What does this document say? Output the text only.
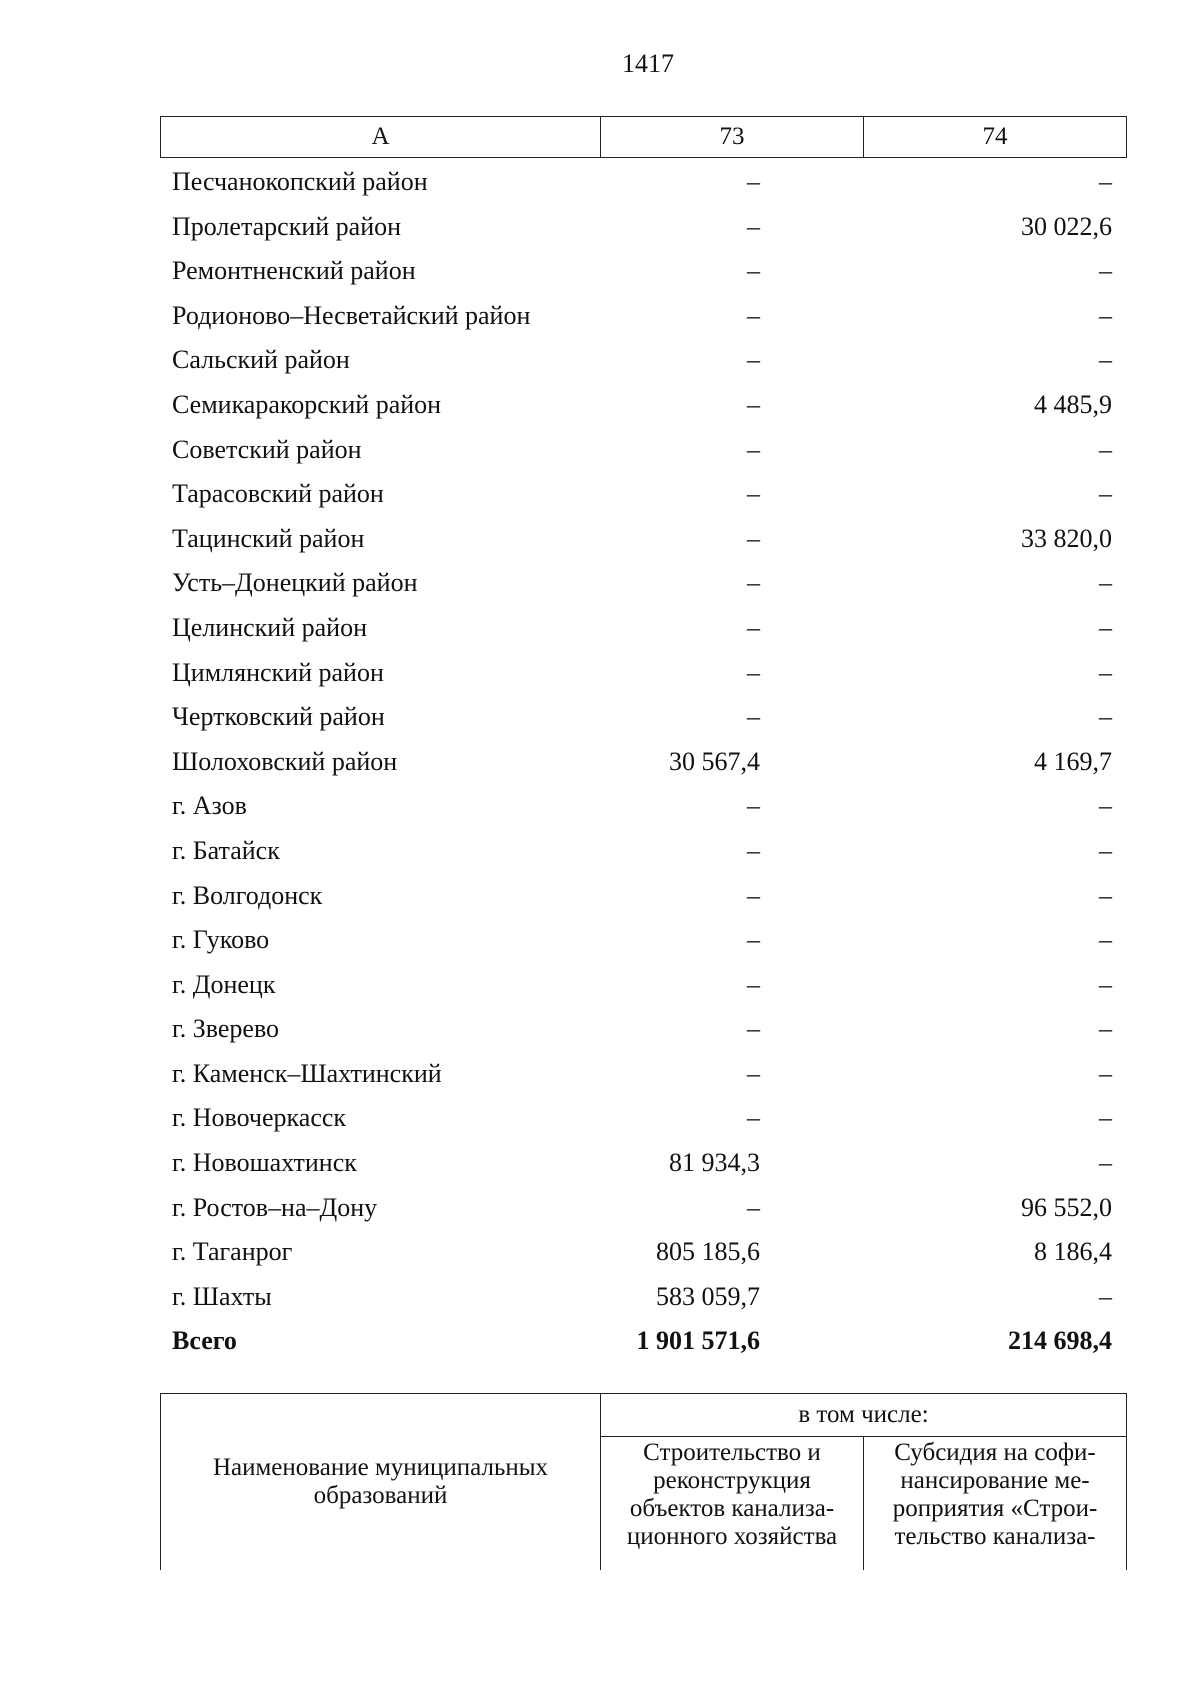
1417
А	73	74
Песчанокопский район	–	–
Пролетарский район	–	30 022,6
Ремонтненский район	–	–
Родионово–Несветайский район	–	–
Сальский район	–	–
Семикаракорский район	–	4 485,9
Советский район	–	–
Тарасовский район	–	–
Тацинский район	–	33 820,0
Усть–Донецкий район	–	–
Целинский район	–	–
Цимлянский район	–	–
Чертковский район	–	–
Шолоховский район	30 567,4	4 169,7
г. Азов	–	–
г. Батайск	–	–
г. Волгодонск	–	–
г. Гуково	–	–
г. Донецк	–	–
г. Зверево	–	–
г. Каменск–Шахтинский	–	–
г. Новочеркасск	–	–
г. Новошахтинск	81 934,3	–
г. Ростов–на–Дону	–	96 552,0
г. Таганрог	805 185,6	8 186,4
г. Шахты	583 059,7	–
Всего	1 901 571,6	214 698,4
Наименование муниципальных образований	в том числе:	

	Строительство и реконструкция объектов канализа-ционного хозяйства	Субсидия на софи-нансирование ме-роприятия «Строи-тельство канализа-
